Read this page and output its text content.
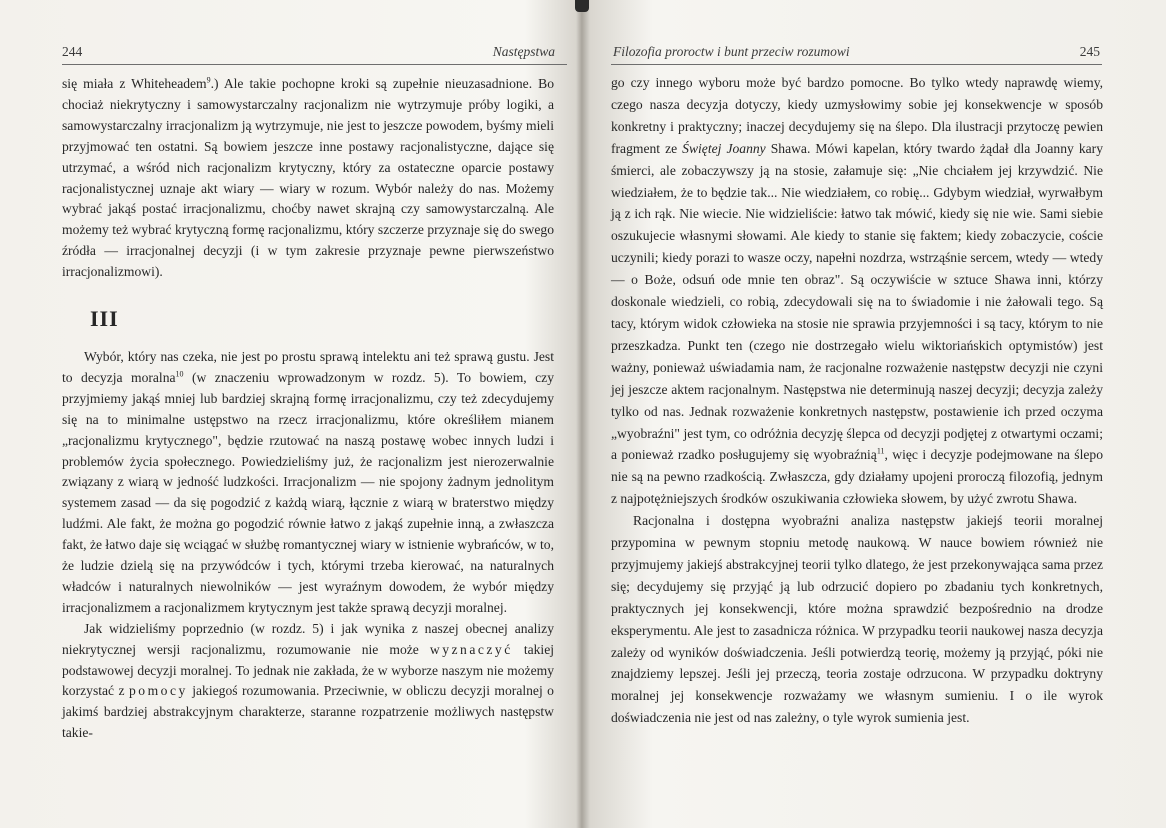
244	Następstwa

się miała z Whiteheadem$^9$.) Ale takie pochopne kroki są zupełnie nieuzasadnione. Bo chociaż niekrytyczny i samowystarczalny racjonalizm nie wytrzymuje próby logiki, a samowystarczalny irracjonalizm ją wytrzymuje, nie jest to jeszcze powodem, byśmy mieli przyjmować ten ostatni. Są bowiem jeszcze inne postawy racjonalistyczne, dające się utrzymać, a wśród nich racjonalizm krytyczny, który za ostateczne oparcie postawy racjonalistycznej uznaje akt wiary — wiary w rozum. Wybór należy do nas. Możemy wybrać jakąś postać irracjonalizmu, choćby nawet skrajną czy samowystarczalną. Ale możemy też wybrać krytyczną formę racjonalizmu, który szczerze przyznaje się do swego źródła — irracjonalnej decyzji (i w tym zakresie przyznaje pewne pierwszeństwo irracjonalizmowi).

III

Wybór, który nas czeka, nie jest po prostu sprawą intelektu ani też sprawą gustu. Jest to decyzja moralna$^{10}$ (w znaczeniu wprowadzonym w rozdz. 5). To bowiem, czy przyjmiemy jakąś mniej lub bardziej skrajną formę irracjonalizmu, czy też zdecydujemy się na to minimalne ustępstwo na rzecz irracjonalizmu, które określiłem mianem „racjonalizmu krytycznego", będzie rzutować na naszą postawę wobec innych ludzi i problemów życia społecznego. Powiedzieliśmy już, że racjonalizm jest nierozerwalnie związany z wiarą w jedność ludzkości. Irracjonalizm — nie spojony żadnym jednolitym systemem zasad — da się pogodzić z każdą wiarą, łącznie z wiarą w braterstwo między ludźmi. Ale fakt, że można go pogodzić równie łatwo z jakąś zupełnie inną, a zwłaszcza fakt, że łatwo daje się wciągać w służbę romantycznej wiary w istnienie wybrańców, w to, że ludzie dzielą się na przywódców i tych, którymi trzeba kierować, na naturalnych władców i naturalnych niewolników — jest wyraźnym dowodem, że wybór między irracjonalizmem a racjonalizmem krytycznym jest także sprawą decyzji moralnej.

Jak widzieliśmy poprzednio (w rozdz. 5) i jak wynika z naszej obecnej analizy niekrytycznej wersji racjonalizmu, rozumowanie nie może wyznaczyć takiej podstawowej decyzji moralnej. To jednak nie zakłada, że w wyborze naszym nie możemy korzystać z pomocy jakiegoś rozumowania. Przeciwnie, w obliczu decyzji moralnej o jakimś bardziej abstrakcyjnym charakterze, staranne rozpatrzenie możliwych następstw takie-

Filozofia proroctw i bunt przeciw rozumowi	245

go czy innego wyboru może być bardzo pomocne. Bo tylko wtedy naprawdę wiemy, czego nasza decyzja dotyczy, kiedy uzmysłowimy sobie jej konsekwencje w sposób konkretny i praktyczny; inaczej decydujemy się na ślepo. Dla ilustracji przytoczę pewien fragment ze Świętej Joanny Shawa. Mówi kapelan, który twardo żądał dla Joanny kary śmierci, ale zobaczywszy ją na stosie, załamuje się: „Nie chciałem jej krzywdzić. Nie wiedziałem, że to będzie tak... Nie wiedziałem, co robię... Gdybym wiedział, wyrwałbym ją z ich rąk. Nie wiecie. Nie widzieliście: łatwo tak mówić, kiedy się nie wie. Sami siebie oszukujecie własnymi słowami. Ale kiedy to stanie się faktem; kiedy zobaczycie, coście uczynili; kiedy porazi to wasze oczy, napełni nozdrza, wstrząśnie sercem, wtedy — wtedy — o Boże, odsuń ode mnie ten obraz". Są oczywiście w sztuce Shawa inni, którzy doskonale wiedzieli, co robią, zdecydowali się na to świadomie i nie żałowali tego. Są tacy, którym widok człowieka na stosie nie sprawia przyjemności i są tacy, którym to nie przeszkadza. Punkt ten (czego nie dostrzegało wielu wiktoriańskich optymistów) jest ważny, ponieważ uświadamia nam, że racjonalne rozważenie następstw decyzji nie czyni jej jeszcze aktem racjonalnym. Następstwa nie determinują naszej decyzji; decyzja zależy tylko od nas. Jednak rozważenie konkretnych następstw, postawienie ich przed oczyma „wyobraźni" jest tym, co odróżnia decyzję ślepca od decyzji podjętej z otwartymi oczami; a ponieważ rzadko posługujemy się wyobraźnią$^{11}$, więc i decyzje podejmowane na ślepo nie są na pewno rzadkością. Zwłaszcza, gdy działamy upojeni proroczą filozofią, jednym z najpotężniejszych środków oszukiwania człowieka słowem, by użyć zwrotu Shawa.

Racjonalna i dostępna wyobraźni analiza następstw jakiejś teorii moralnej przypomina w pewnym stopniu metodę naukową. W nauce bowiem również nie przyjmujemy jakiejś abstrakcyjnej teorii tylko dlatego, że jest przekonywająca sama przez się; decydujemy się przyjąć ją lub odrzucić dopiero po zbadaniu tych konkretnych, praktycznych jej konsekwencji, które można sprawdzić bezpośrednio na drodze eksperymentu. Ale jest to zasadnicza różnica. W przypadku teorii naukowej nasza decyzja zależy od wyników doświadczenia. Jeśli potwierdzą teorię, możemy ją przyjąć, póki nie znajdziemy lepszej. Jeśli jej przeczą, teoria zostaje odrzucona. W przypadku doktryny moralnej jej konsekwencje rozważamy we własnym sumieniu. I o ile wyrok doświadczenia nie jest od nas zależny, o tyle wyrok sumienia jest.
